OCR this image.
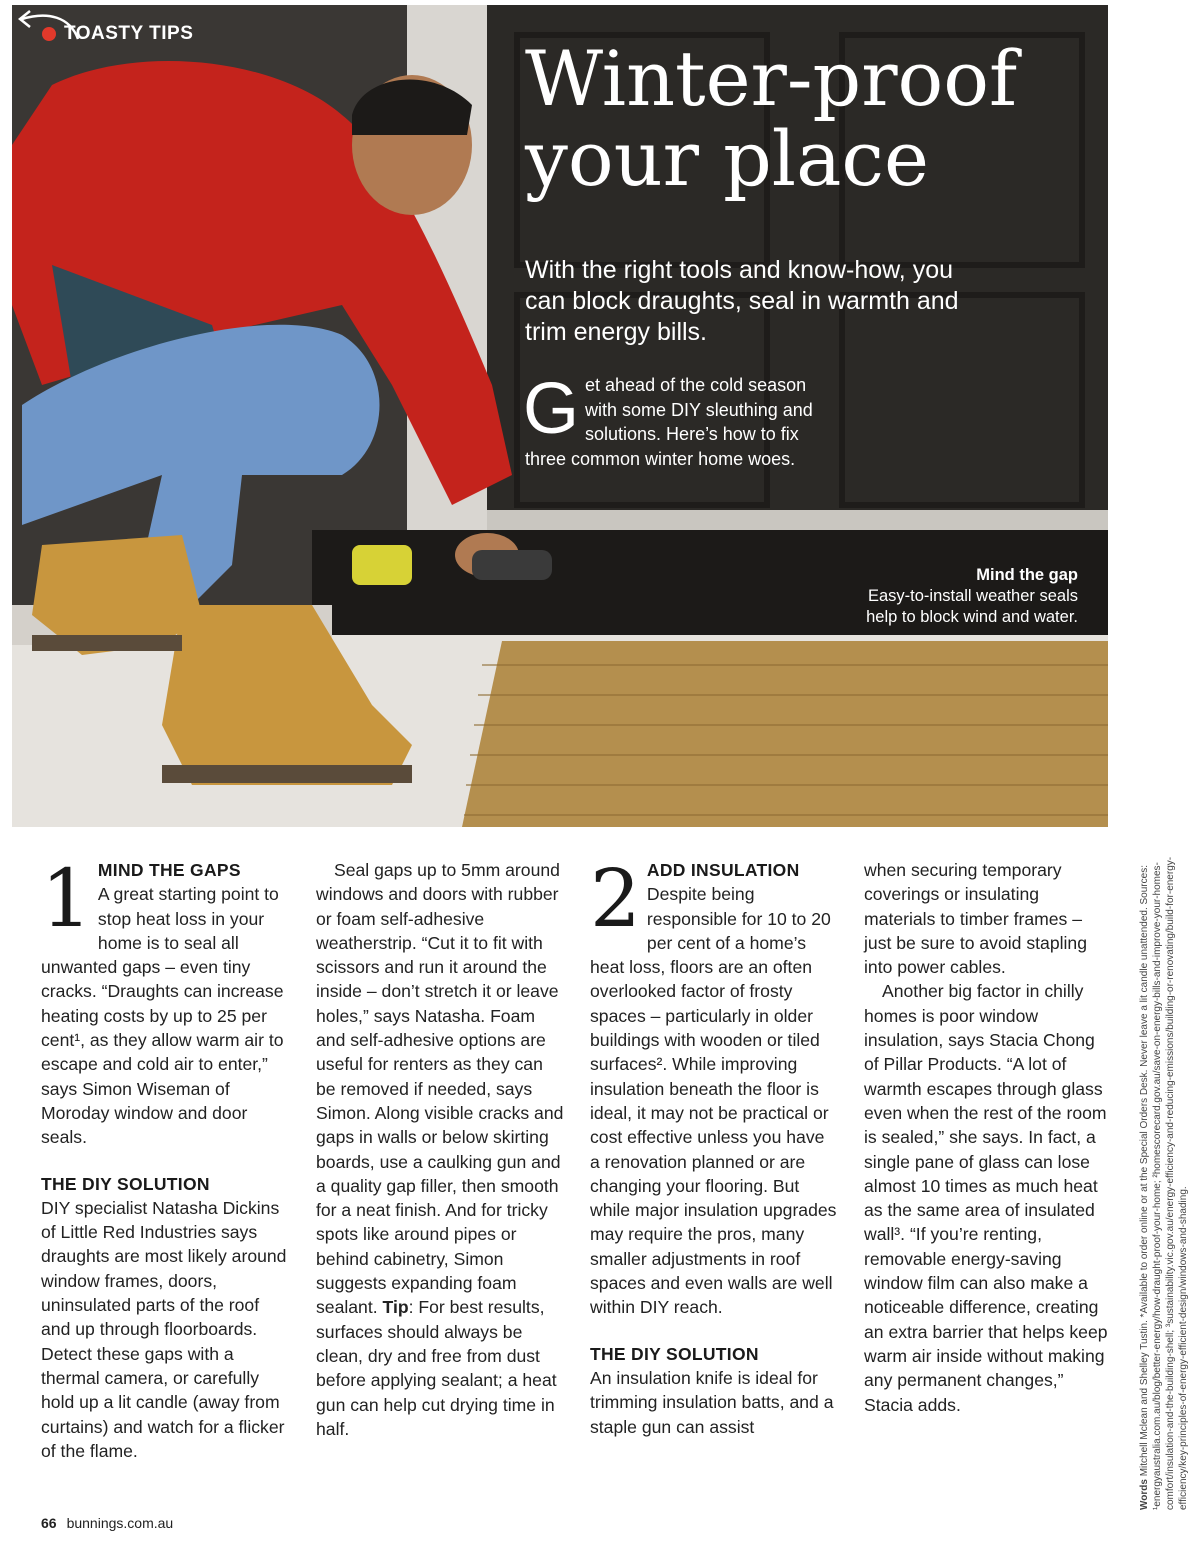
TOASTY TIPS
Winter-proof your place

With the right tools and know-how, you can block draughts, seal in warmth and trim energy bills.

Get ahead of the cold season with some DIY sleuthing and solutions. Here’s how to fix three common winter home woes.

Mind the gap
Easy-to-install weather seals
help to block wind and water.
1 MIND THE GAPS

A great starting point to stop heat loss in your home is to seal all unwanted gaps – even tiny cracks. “Draughts can increase heating costs by up to 25 per cent¹, as they allow warm air to escape and cold air to enter,” says Simon Wiseman of Moroday window and door seals.

THE DIY SOLUTION

DIY specialist Natasha Dickins of Little Red Industries says draughts are most likely around window frames, doors, uninsulated parts of the roof and up through floorboards. Detect these gaps with a thermal camera, or carefully hold up a lit candle (away from curtains) and watch for a flicker of the flame.

Seal gaps up to 5mm around windows and doors with rubber or foam self-adhesive weatherstrip. “Cut it to fit with scissors and run it around the inside – don’t stretch it or leave holes,” says Natasha. Foam and self-adhesive options are useful for renters as they can be removed if needed, says Simon. Along visible cracks and gaps in walls or below skirting boards, use a caulking gun and a quality gap filler, then smooth for a neat finish. And for tricky spots like around pipes or behind cabinetry, Simon suggests expanding foam sealant. Tip: For best results, surfaces should always be clean, dry and free from dust before applying sealant; a heat gun can help cut drying time in half.

2 ADD INSULATION

Despite being responsible for 10 to 20 per cent of a home’s heat loss, floors are an often overlooked factor of frosty spaces – particularly in older buildings with wooden or tiled surfaces². While improving insulation beneath the floor is ideal, it may not be practical or cost effective unless you have a renovation planned or are changing your flooring. But while major insulation upgrades may require the pros, many smaller adjustments in roof spaces and even walls are well within DIY reach.

THE DIY SOLUTION

An insulation knife is ideal for trimming insulation batts, and a staple gun can assist

when securing temporary coverings or insulating materials to timber frames – just be sure to avoid stapling into power cables.

Another big factor in chilly homes is poor window insulation, says Stacia Chong of Pillar Products. “A lot of warmth escapes through glass even when the rest of the room is sealed,” she says. In fact, a single pane of glass can lose almost 10 times as much heat as the same area of insulated wall³. “If you’re renting, removable energy-saving window film can also make a noticeable difference, creating an extra barrier that helps keep warm air inside without making any permanent changes,” Stacia adds.

Words Mitchell Mclean and Shelley Tustin. *Available to order online or at the Special Orders Desk. Never leave a lit candle unattended. Sources: ¹energyaustralia.com.au/blog/better-energy/how-draught-proof-your-home; ²homescorecard.gov.au/save-on-energy-bills-and-improve-your-homes-comfort/insulation-and-the-building-shell; ³sustainability.vic.gov.au/energy-efficiency-and-reducing-emissions/building-or-renovating/build-for-energy-efficiency/key-principles-of-energy-efficient-design/windows-and-shading.
66 bunnings.com.au
